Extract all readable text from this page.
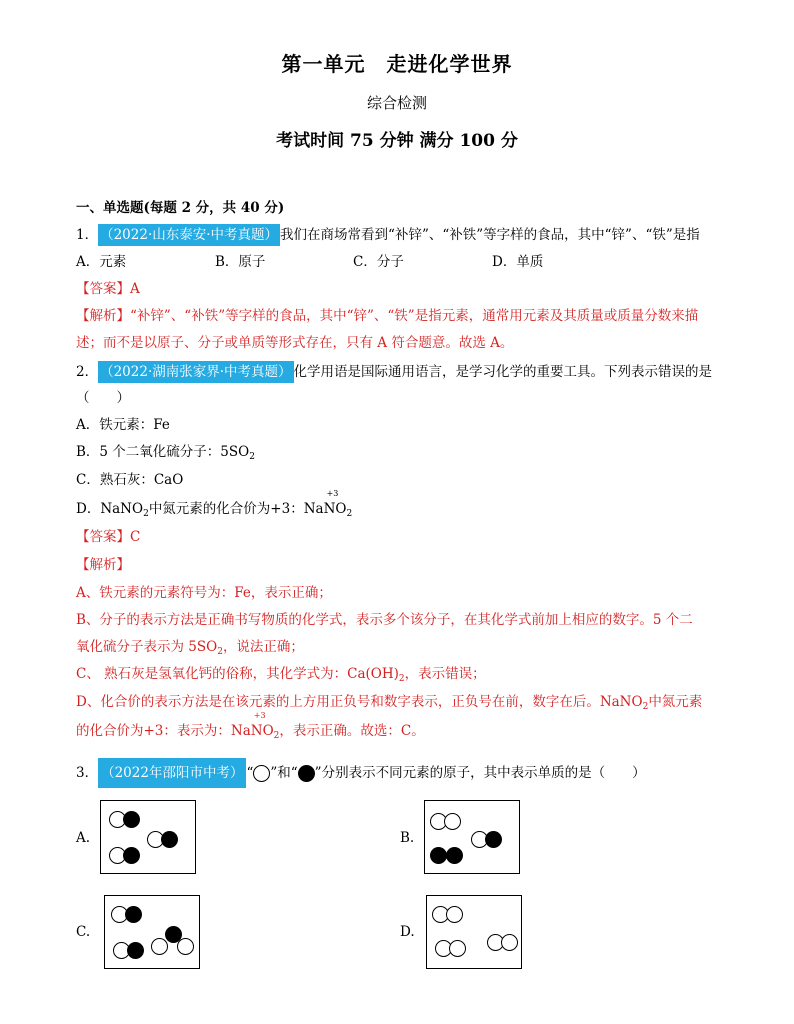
第一单元　走进化学世界
综合检测
考试时间 75 分钟 满分 100 分
一、单选题(每题 2 分，共 40 分)
1． （2022·山东泰安·中考真题） 我们在商场常看到“补锌”、“补铁”等字样的食品，其中“锌”、“铁”是指
A．元素	B．原子	C．分子	D．单质
【答案】A
【解析】“补锌”、“补铁”等字样的食品，其中“锌”、“铁”是指元素，通常用元素及其质量或质量分数来描
述；而不是以原子、分子或单质等形式存在，只有 A 符合题意。故选 A。
2． （2022·湖南张家界·中考真题） 化学用语是国际通用语言，是学习化学的重要工具。下列表示错误的是
（　　）
A．铁元素：Fe
B．5 个二氧化硫分子：$5SO_2$
C．熟石灰：CaO
D．NaNO$_2$中氮元素的化合价为+3：Na
+3
$NO_2$
【答案】C
【解析】
A、铁元素的元素符号为：Fe，表示正确；
B、分子的表示方法是正确书写物质的化学式，表示多个该分子，在其化学式前加上相应的数字。5 个二
氧化硫分子表示为 $5SO_2$，说法正确；
C、 熟石灰是氢氧化钙的俗称，其化学式为：$Ca(OH)_2$，表示错误；
D、化合价的表示方法是在该元素的上方用正负号和数字表示，正负号在前，数字在后。NaNO$_2$中氮元素
的化合价为+3：表示为：Na
+3
$NO_2$，表示正确。故选：C。
3． （2022年邵阳市中考） “ ”和“ ”分别表示不同元素的原子，其中表示单质的是（　　）
A.	B.
C.	D.
